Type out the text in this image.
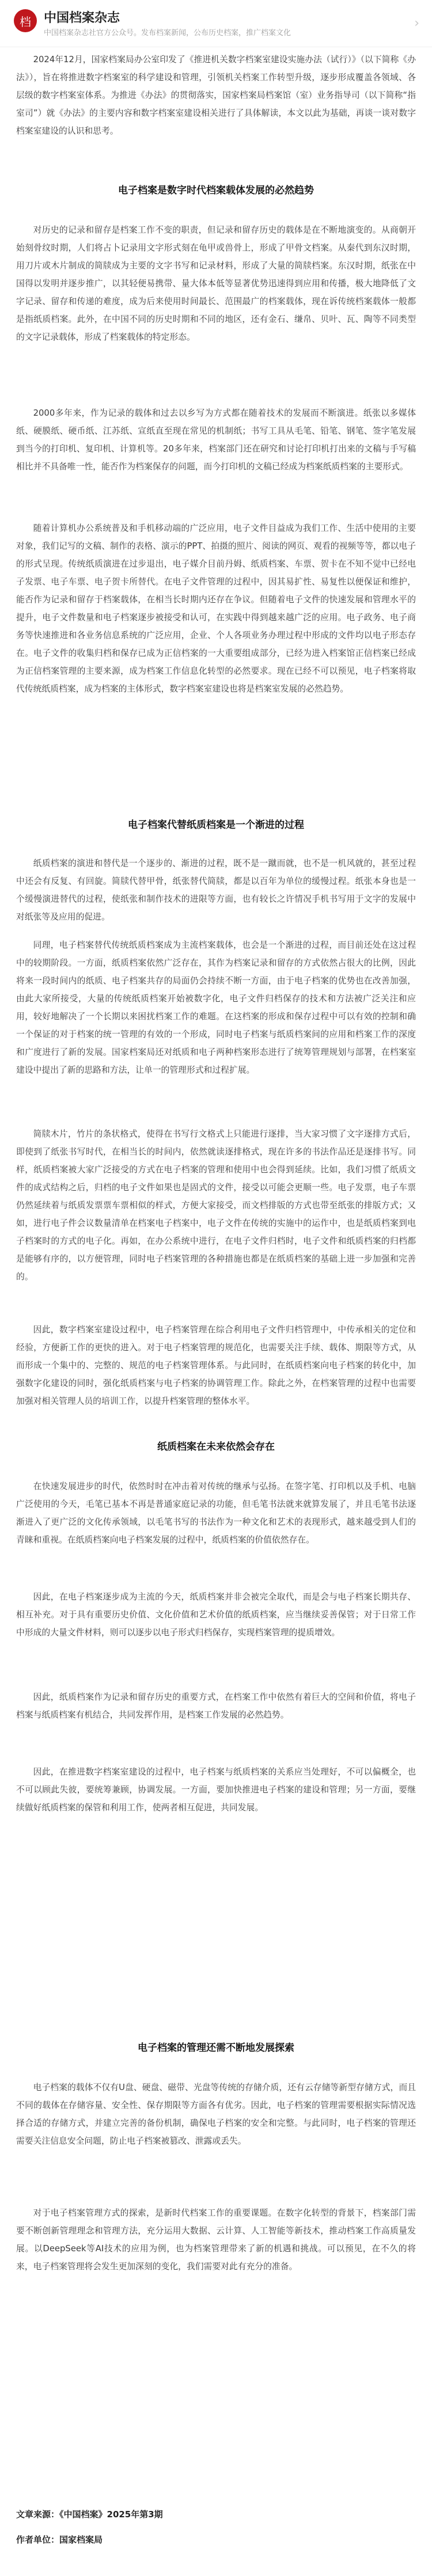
档	中国档案杂志
中国档案杂志社官方公众号。发布档案新闻，公布历史档案，推广档案文化
›

2024年12月，国家档案局办公室印发了《推进机关数字档案室建设实施办法（试行）》（以下简称《办法》），旨在将推进数字档案室的科学建设和管理，引领机关档案工作转型升级，逐步形成覆盖各领域、各层级的数字档案室体系。为推进《办法》的贯彻落实，国家档案局档案馆（室）业务指导司（以下简称“指室司”）就《办法》的主要内容和数字档案室建设相关进行了具体解读，本文以此为基础，再谈一谈对数字档案室建设的认识和思考。

电子档案是数字时代档案载体发展的必然趋势

对历史的记录和留存是档案工作不变的职责，但记录和留存历史的载体是在不断地演变的。从商朝开始刻骨纹时期，人们将占卜记录用文字形式刻在龟甲或兽骨上，形成了甲骨文档案。从秦代到东汉时期，用刀片或木片制成的简牍成为主要的文字书写和记录材料，形成了大量的简牍档案。东汉时期，纸张在中国得以发明并逐步推广，以其轻便易携带、量大体本低等显著优势迅速得到应用和传播，极大地降低了文字记录、留存和传递的难度，成为后来使用时间最长、范围最广的档案载体，现在诉传统档案载体一般都是指纸质档案。此外，在中国不同的历史时期和不同的地区，还有金石、缣帛、贝叶、瓦、陶等不同类型的文字记录载体，形成了档案载体的特定形态。

2000多年来，作为记录的载体和过去以乡写为方式都在随着技术的发展而不断演进。纸张以多媒体纸、硬膜纸、硬币纸、江苏纸、宣纸直至现在常见的机制纸；书写工具从毛笔、铅笔、钢笔、签字笔发展到当今的打印机、复印机、计算机等。20多年来，档案部门还在研究和讨论打印机打出来的文稿与手写稿相比并不具备唯一性，能否作为档案保存的问题，而今打印机的文稿已经成为档案纸质档案的主要形式。

随着计算机办公系统普及和手机移动端的广泛应用，电子文件目益成为我们工作、生活中使用的主要对象，我们记写的文稿、制作的表格、演示的PPT、拍摄的照片、阅读的网页、观看的视频等等，都以电子的形式呈现。传统纸质演进在过步退出，电子媒介目前丹姆、纸质档案、车票、贺卡在不知不觉中已经电子发票、电子车票、电子贺卡所替代。在电子文件管理的过程中，因其易扩性、易复性以便保证和维护，能否作为记录和留存于档案载体，在相当长时期内还存在争议。但随着电子文件的快速发展和管理水平的提升，电子文件数量和电子档案逐步被接受和认可，在实践中得到越来越广泛的应用。电子政务、电子商务等快速推进和各业务信息系统的广泛应用，企业、个人各项业务办理过程中形成的文件均以电子形态存在。电子文件的收集归档和保存已成为正信档案的一大重要组成部分，已经为进入档案馆正信档案已经成为正信档案管理的主要来源，成为档案工作信息化转型的必然要求。现在已经不可以预见，电子档案将取代传统纸质档案，成为档案的主体形式，数字档案室建设也将是档案室发展的必然趋势。

电子档案代替纸质档案是一个渐进的过程

纸质档案的演进和替代是一个逐步的、渐进的过程，既不是一蹴而就，也不是一机风就的，甚至过程中还会有反复、有回旋。简牍代替甲骨，纸张替代简牍，都是以百年为单位的缓慢过程。纸张本身也是一个缓慢演进替代的过程，使纸张和制作技术的进限等方面，也有较长之许情况手机书写用于文字的发展中对纸张等及应用的促进。

同理，电子档案替代传统纸质档案成为主流档案载体，也会是一个渐进的过程，而目前还处在这过程中的较期阶段。一方面，纸质档案依然广泛存在，其作为档案记录和留存的方式依然占很大的比例，因此将来一段时间内的纸质、电子档案共存的局面仍会持续不断一方面，由于电子档案的优势也在改善加强，由此大家所接受，大量的传统纸质档案开始被数字化，电子文件归档保存的技术和方法被广泛关注和应用，较好地解决了一个长期以来困扰档案工作的难题。在这档案的形成和保存过程中可以有效的控制和确一个保证的对于档案的统一管理的有效的一个形成，同时电子档案与纸质档案间的应用和档案工作的深度和广度进行了新的发展。国家档案局还对纸质和电子两种档案形态进行了统筹管理规划与部署，在档案室建设中提出了新的思路和方法，让单一的管理形式和过程扩展。

简牍木片，竹片的条状格式，使得在书写行文格式上只能进行逐排，当大家习惯了文字逐排方式后，即使到了纸张书写时代，在相当长的时间内，依然就读逐排格式，现在许多的书法作品还是逐排书写。同样，纸质档案被大家广泛接受的方式在电子档案的管理和使用中也会得到延续。比如，我们习惯了纸质文件的成式结构之后，归档的电子文件如果也是固式的文件，接受以可能会更顺一些。电子发票，电子车票仍然延续着与纸质发票票车票相似的样式，方便大家接受，而文档排版的方式也带至纸张的排版方式；又如，进行电子件会议数量清单在档案电子档案中，电子文件在传统的实施中的运作中，也是纸质档案到电子档案时的方式的电子化。再如，在办公系统中进行，在电子文件归档时，电子文件和纸质档案的归档都是能够有序的，以方便管理，同时电子档案管理的各种措施也都是在纸质档案的基础上进一步加强和完善的。

因此，数字档案室建设过程中，电子档案管理在综合利用电子文件归档管理中，中传承相关的定位和经验，方便新工作的更快的进入。对于电子档案管理的规范化，也需要关注手续、载体、期限等方式，从而形成一个集中的、完整的、规范的电子档案管理体系。与此同时，在纸质档案向电子档案的转化中，加强数字化建设的同时，强化纸质档案与电子档案的协调管理工作。除此之外，在档案管理的过程中也需要加强对相关管理人员的培训工作，以提升档案管理的整体水平。

纸质档案在未来依然会存在

在快速发展进步的时代，依然时时在冲击着对传统的继承与弘扬。在签字笔、打印机以及手机、电脑广泛使用的今天，毛笔已基本不再是普通家庭记录的功能，但毛笔书法就来就算发展了，并且毛笔书法逐渐进入了更广泛的文化传承领域，以毛笔书写的书法作为一种文化和艺术的表现形式，越来越受到人们的青睐和重视。在纸质档案向电子档案发展的过程中，纸质档案的价值依然存在。

因此，在电子档案逐步成为主流的今天，纸质档案并非会被完全取代，而是会与电子档案长期共存、相互补充。对于具有重要历史价值、文化价值和艺术价值的纸质档案，应当继续妥善保管；对于日常工作中形成的大量文件材料，则可以逐步以电子形式归档保存，实现档案管理的提质增效。

因此，纸质档案作为记录和留存历史的重要方式，在档案工作中依然有着巨大的空间和价值，将电子档案与纸质档案有机结合，共同发挥作用，是档案工作发展的必然趋势。

因此，在推进数字档案室建设的过程中，电子档案与纸质档案的关系应当处理好，不可以偏概全，也不可以顾此失彼，要统筹兼顾，协调发展。一方面，要加快推进电子档案的建设和管理；另一方面，要继续做好纸质档案的保管和利用工作，使两者相互促进，共同发展。

电子档案的管理还需不断地发展探索

电子档案的载体不仅有U盘、硬盘、磁带、光盘等传统的存储介质，还有云存储等新型存储方式，而且不同的载体在存储容量、安全性、保存期限等方面各有优劣。因此，电子档案的管理需要根据实际情况选择合适的存储方式，并建立完善的备份机制，确保电子档案的安全和完整。与此同时，电子档案的管理还需要关注信息安全问题，防止电子档案被篡改、泄露或丢失。

对于电子档案管理方式的探索，是新时代档案工作的重要课题。在数字化转型的背景下，档案部门需要不断创新管理理念和管理方法，充分运用大数据、云计算、人工智能等新技术，推动档案工作高质量发展。以DeepSeek等AI技术的应用为例，也为档案管理带来了新的机遇和挑战。可以预见，在不久的将来，电子档案管理将会发生更加深刻的变化，我们需要对此有充分的准备。

文章来源：《中国档案》2025年第3期
作者单位：国家档案局
